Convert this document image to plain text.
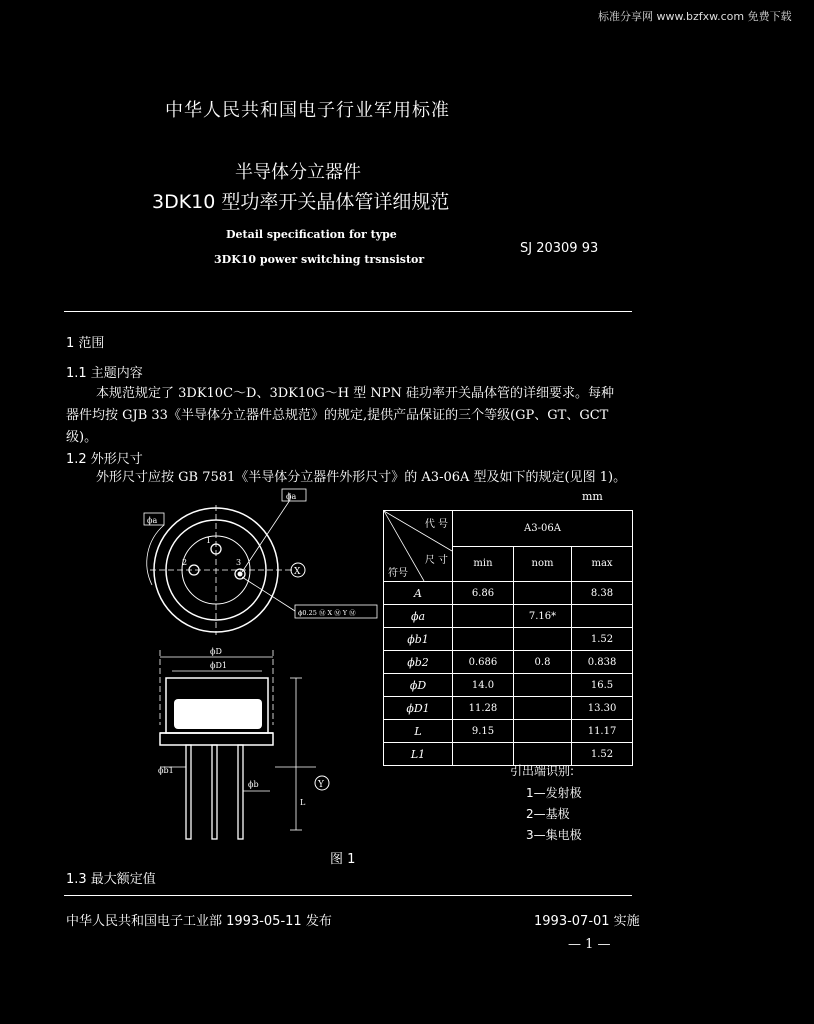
标准分享网 www.bzfxw.com 免费下载
中华人民共和国电子行业军用标准
半导体分立器件
3DK10 型功率开关晶体管详细规范
Detail specification for type
3DK10 power switching trsnsistor
SJ 20309 93
1 范围
1.1 主题内容
本规范规定了 3DK10C～D、3DK10G～H 型 NPN 硅功率开关晶体管的详细要求。每种
器件均按 GJB 33《半导体分立器件总规范》的规定,提供产品保证的三个等级(GP、GT、GCT
级)。
1.2 外形尺寸
外形尺寸应按 GB 7581《半导体分立器件外形尺寸》的 A3-06A 型及如下的规定(见图 1)。
mm
ϕa
ϕa
X
1
2	3
ϕ0.25 Ⓜ X Ⓜ Y Ⓜ
ϕD
ϕD1
ϕb1
ϕb
L
Y
代 号
尺 寸
符号	A3-06A		
	min	nom	max
A	6.86		8.38
ϕa		7.16*	
ϕb1			1.52
ϕb2	0.686	0.8	0.838
ϕD	14.0		16.5
ϕD1	11.28		13.30
L	9.15		11.17
L1			1.52
引出端识别:
1—发射极
2—基极
3—集电极
图 1
1.3 最大额定值
中华人民共和国电子工业部 1993-05-11 发布	1993-07-01 实施
— 1 —
